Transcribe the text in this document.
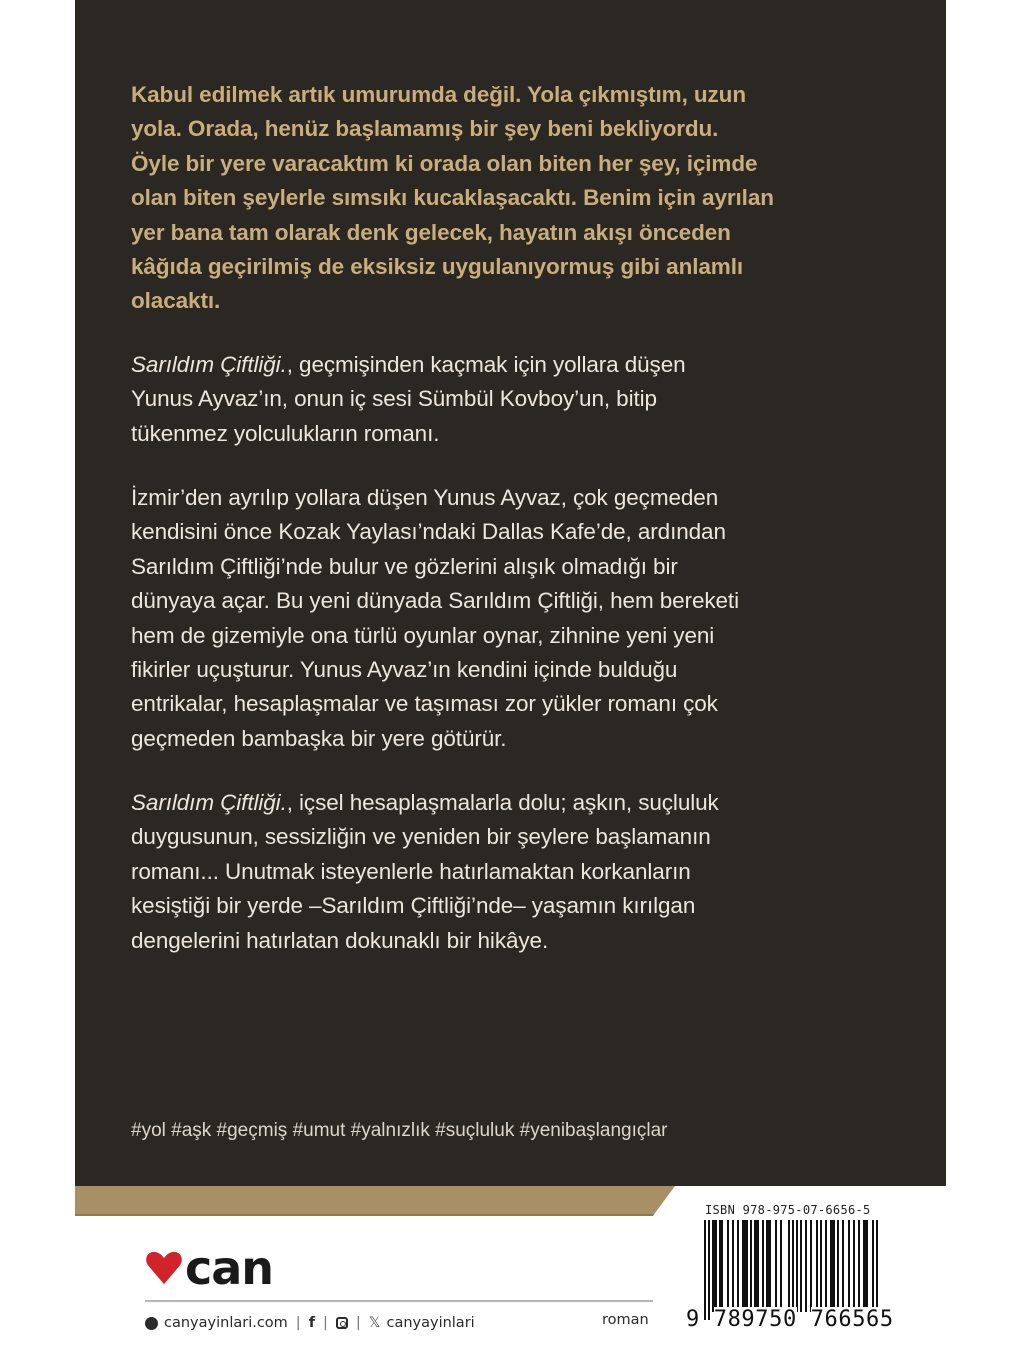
Kabul edilmek artık umurumda değil. Yola çıkmıştım, uzun
yola. Orada, henüz başlamamış bir şey beni bekliyordu.
Öyle bir yere varacaktım ki orada olan biten her şey, içimde
olan biten şeylerle sımsıkı kucaklaşacaktı. Benim için ayrılan
yer bana tam olarak denk gelecek, hayatın akışı önceden
kâğıda geçirilmiş de eksiksiz uygulanıyormuş gibi anlamlı
olacaktı.
Sarıldım Çiftliği., geçmişinden kaçmak için yollara düşen
Yunus Ayvaz’ın, onun iç sesi Sümbül Kovboy’un, bitip
tükenmez yolculukların romanı.
İzmir’den ayrılıp yollara düşen Yunus Ayvaz, çok geçmeden
kendisini önce Kozak Yaylası’ndaki Dallas Kafe’de, ardından
Sarıldım Çiftliği’nde bulur ve gözlerini alışık olmadığı bir
dünyaya açar. Bu yeni dünyada Sarıldım Çiftliği, hem bereketi
hem de gizemiyle ona türlü oyunlar oynar, zihnine yeni yeni
fikirler uçuşturur. Yunus Ayvaz’ın kendini içinde bulduğu
entrikalar, hesaplaşmalar ve taşıması zor yükler romanı çok
geçmeden bambaşka bir yere götürür.
Sarıldım Çiftliği., içsel hesaplaşmalarla dolu; aşkın, suçluluk
duygusunun, sessizliğin ve yeniden bir şeylere başlamanın
romanı... Unutmak isteyenlerle hatırlamaktan korkanların
kesiştiği bir yerde –Sarıldım Çiftliği’nde– yaşamın kırılgan
dengelerini hatırlatan dokunaklı bir hikâye.
#yol #aşk #geçmiş #umut #yalnızlık #suçluluk #yenibaşlangıçlar
can
canyayinlari.com | f | | 𝕏 canyayinlari	roman
ISBN 978-975-07-6656-5
9 789750 766565
